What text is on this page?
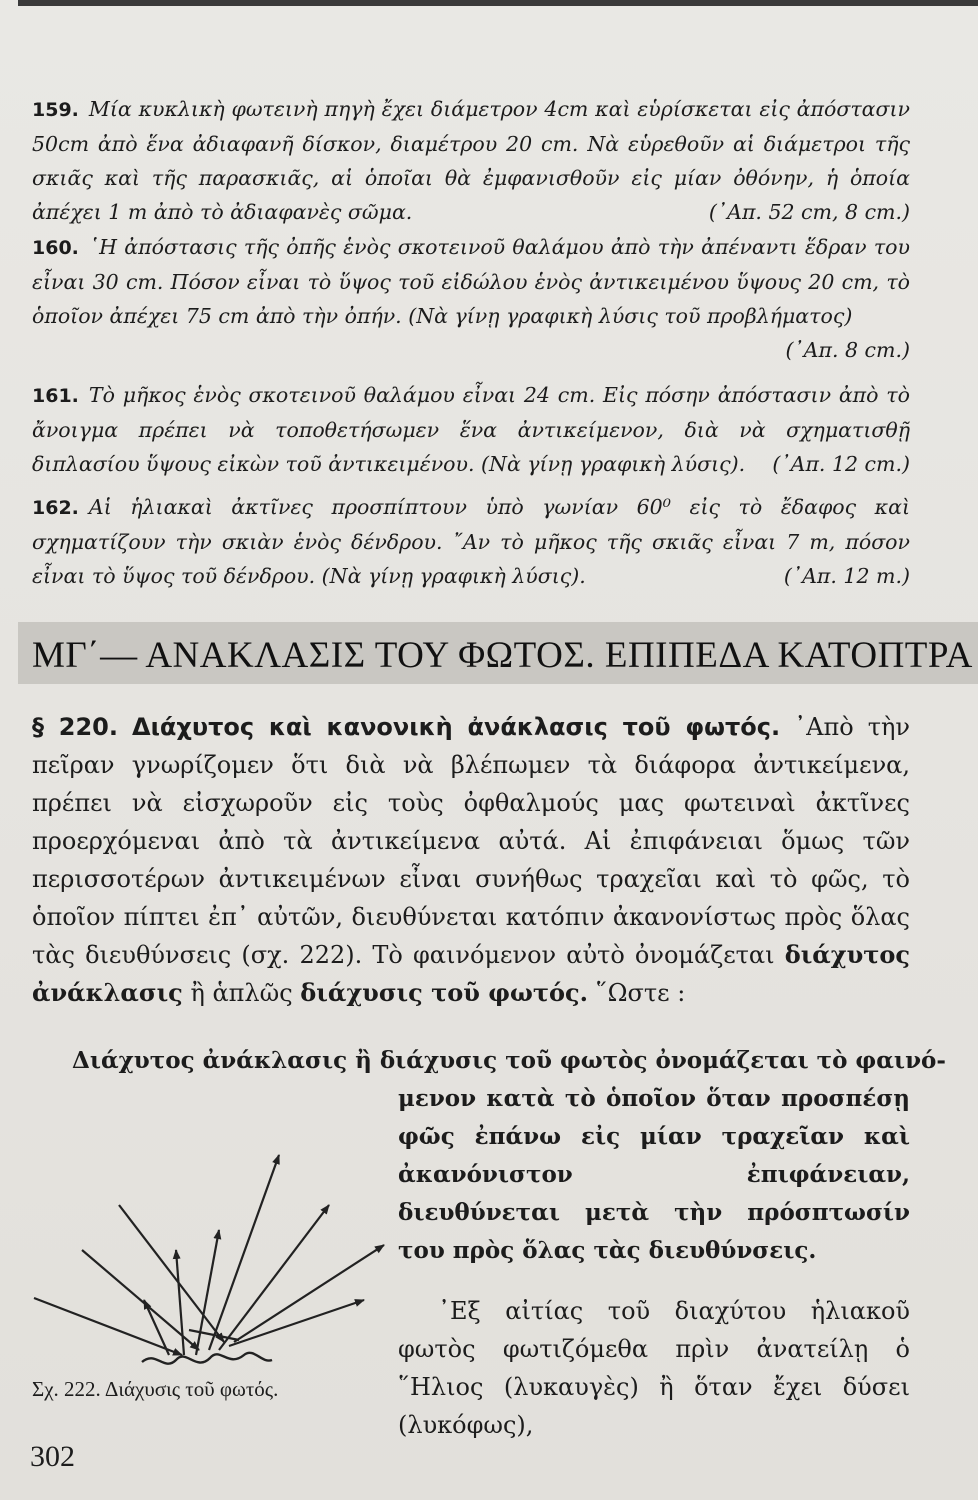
159. Μία κυκλικὴ φωτεινὴ πηγὴ ἔχει διάμετρον 4cm καὶ εὑρίσκεται εἰς ἀπόστασιν 50cm ἀπὸ ἕνα ἀδιαφανῆ δίσκον, διαμέτρου 20 cm. Νὰ εὑρεθοῦν αἱ διάμετροι τῆς σκιᾶς καὶ τῆς παρασκιᾶς, αἱ ὁποῖαι θὰ ἐμφανισθοῦν εἰς μίαν ὀθόνην, ἡ ὁποία ἀπέχει 1 m ἀπὸ τὸ ἀδιαφανὲς σῶμα.	(᾿Απ. 52 cm, 8 cm.)

160. ῾Η ἀπόστασις τῆς ὀπῆς ἑνὸς σκοτεινοῦ θαλάμου ἀπὸ τὴν ἀπέναντι ἕδραν του εἶναι 30 cm. Πόσον εἶναι τὸ ὕψος τοῦ εἰδώλου ἑνὸς ἀντικειμένου ὕψους 20 cm, τὸ ὁποῖον ἀπέχει 75 cm ἀπὸ τὴν ὀπήν. (Νὰ γίνῃ γραφικὴ λύσις τοῦ προβλήματος)
(᾿Απ. 8 cm.)

161. Τὸ μῆκος ἑνὸς σκοτεινοῦ θαλάμου εἶναι 24 cm. Εἰς πόσην ἀπόστασιν ἀπὸ τὸ ἄνοιγμα πρέπει νὰ τοποθετήσωμεν ἕνα ἀντικείμενον, διὰ νὰ σχηματισθῇ διπλασίου ὕψους εἰκὼν τοῦ ἀντικειμένου. (Νὰ γίνῃ γραφικὴ λύσις). (᾿Απ. 12 cm.)

162. Αἱ ἡλιακαὶ ἀκτῖνες προσπίπτουν ὑπὸ γωνίαν 60⁰ εἰς τὸ ἔδαφος καὶ σχηματίζουν τὴν σκιὰν ἑνὸς δένδρου. ῎Αν τὸ μῆκος τῆς σκιᾶς εἶναι 7 m, πόσον εἶναι τὸ ὕψος τοῦ δένδρου. (Νὰ γίνῃ γραφικὴ λύσις).	(᾿Απ. 12 m.)

ΜΓ΄— ΑΝΑΚΛΑΣΙΣ ΤΟΥ ΦΩΤΟΣ. ΕΠΙΠΕΔΑ ΚΑΤΟΠΤΡΑ

§ 220. Διάχυτος καὶ κανονικὴ ἀνάκλασις τοῦ φωτός. ᾿Απὸ τὴν πεῖραν γνωρίζομεν ὅτι διὰ νὰ βλέπωμεν τὰ διάφορα ἀντικείμενα, πρέπει νὰ εἰσχωροῦν εἰς τοὺς ὀφθαλμούς μας φωτειναὶ ἀκτῖνες προερχόμεναι ἀπὸ τὰ ἀντικείμενα αὐτά. Αἱ ἐπιφάνειαι ὅμως τῶν περισσοτέρων ἀντικειμένων εἶναι συνήθως τραχεῖαι καὶ τὸ φῶς, τὸ ὁποῖον πίπτει ἐπ᾿ αὐτῶν, διευθύνεται κατόπιν ἀκανονίστως πρὸς ὅλας τὰς διευθύνσεις (σχ. 222). Τὸ φαινόμενον αὐτὸ ὀνομάζεται διάχυτος ἀνάκλασις ἢ ἁπλῶς διάχυσις τοῦ φωτός. ῞Ωστε :

Διάχυτος ἀνάκλασις ἢ διάχυσις τοῦ φωτὸς ὀνομάζεται τὸ φαινό-

μενον κατὰ τὸ ὁποῖον ὅταν προσπέσῃ φῶς ἐπάνω εἰς μίαν τραχεῖαν καὶ ἀκανόνιστον ἐπιφάνειαν, διευθύνεται μετὰ τὴν πρόσπτωσίν του πρὸς ὅλας τὰς διευθύνσεις.

᾿Εξ αἰτίας τοῦ διαχύτου ἡλιακοῦ φωτὸς φωτιζόμεθα πρὶν ἀνατείλῃ ὁ ῞Ηλιος (λυκαυγὲς) ἢ ὅταν ἔχει δύσει (λυκόφως),

Σχ. 222. Διάχυσις τοῦ φωτός.

302
